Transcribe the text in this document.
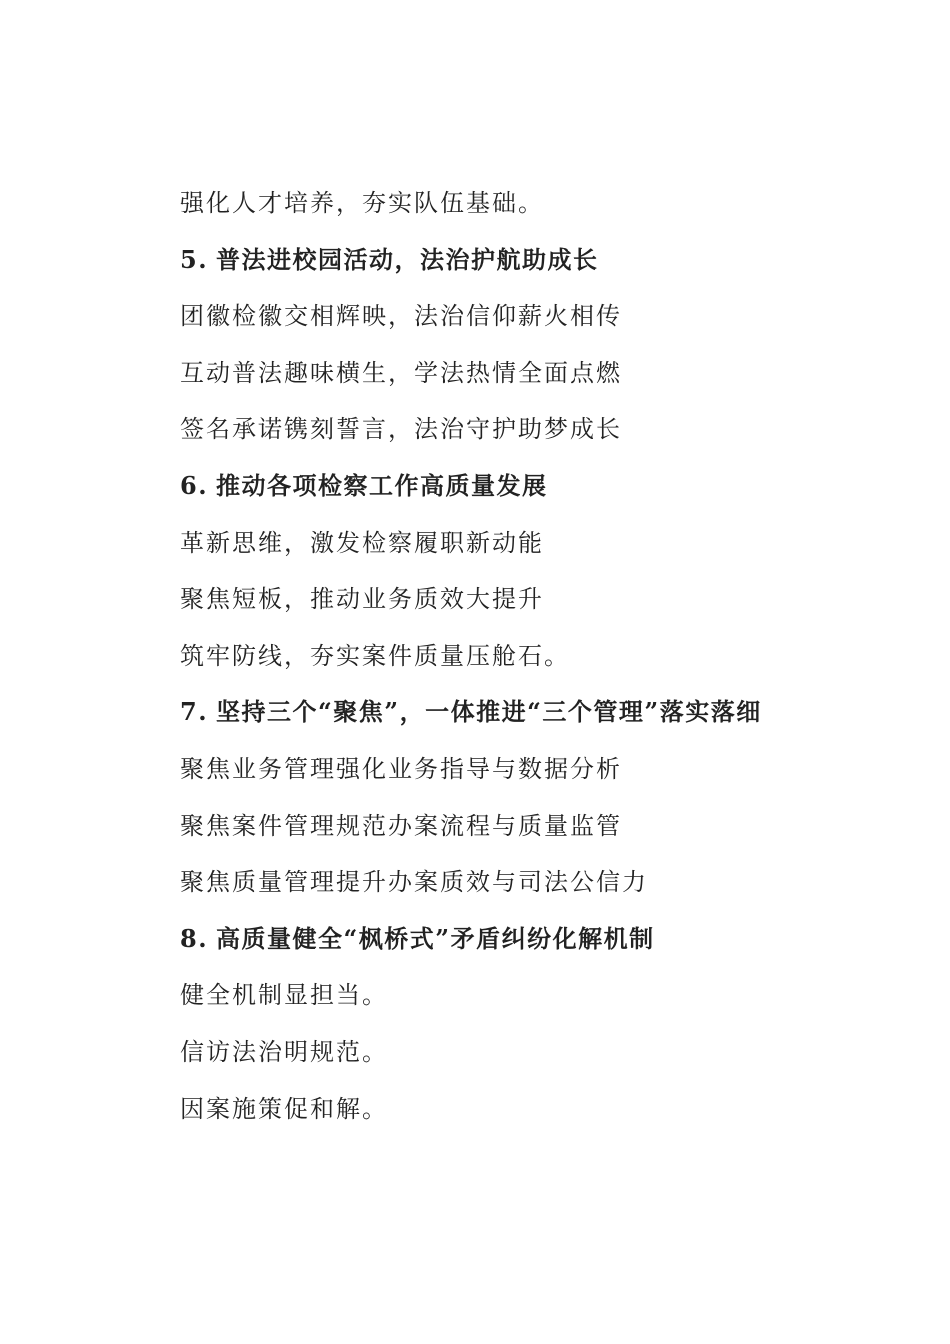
强化人才培养，夯实队伍基础。
5. 普法进校园活动，法治护航助成长
团徽检徽交相辉映，法治信仰薪火相传
互动普法趣味横生，学法热情全面点燃
签名承诺镌刻誓言，法治守护助梦成长
6. 推动各项检察工作高质量发展
革新思维，激发检察履职新动能
聚焦短板，推动业务质效大提升
筑牢防线，夯实案件质量压舱石。
7. 坚持三个“聚焦”，一体推进“三个管理”落实落细
聚焦业务管理强化业务指导与数据分析
聚焦案件管理规范办案流程与质量监管
聚焦质量管理提升办案质效与司法公信力
8. 高质量健全“枫桥式”矛盾纠纷化解机制
健全机制显担当。
信访法治明规范。
因案施策促和解。
